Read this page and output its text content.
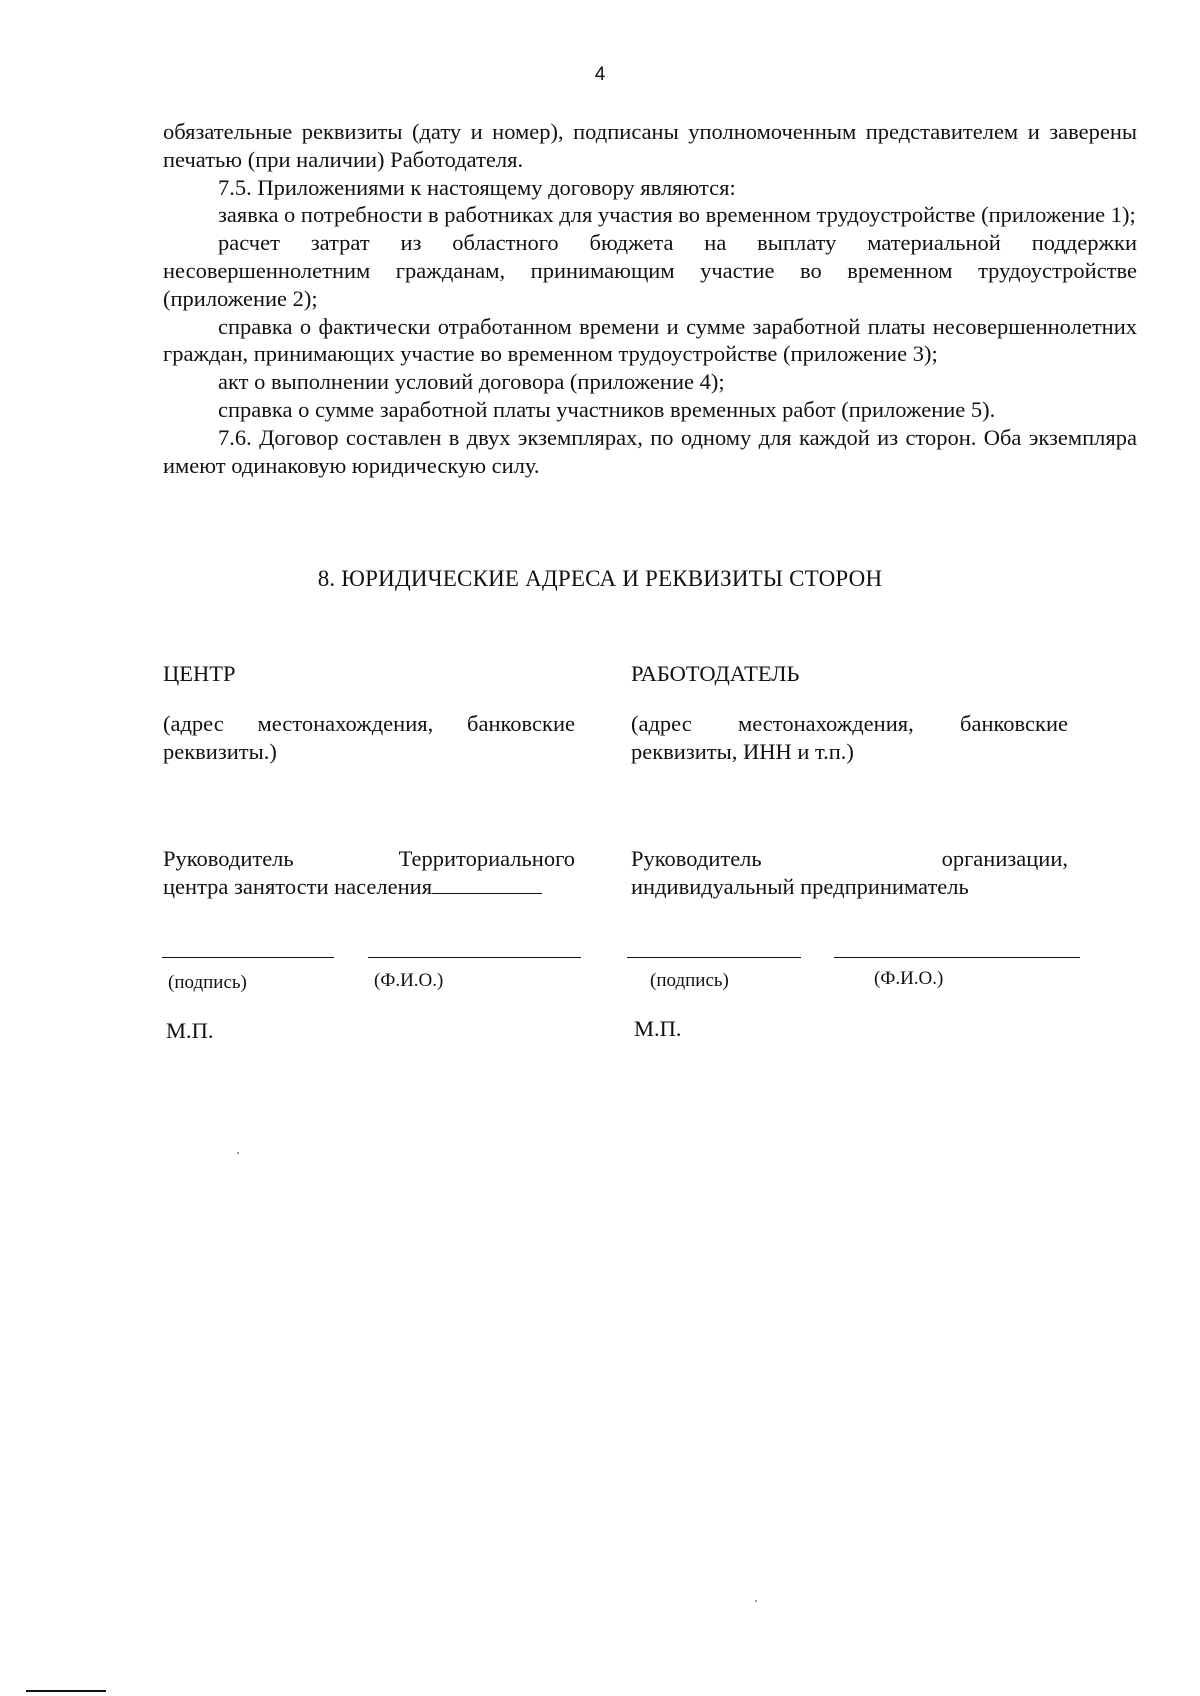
4

обязательные реквизиты (дату и номер), подписаны уполномоченным представителем и заверены печатью (при наличии) Работодателя.

7.5. Приложениями к настоящему договору являются:

заявка о потребности в работниках для участия во временном трудоустройстве (приложение 1);

расчет затрат из областного бюджета на выплату материальной поддержки несовершеннолетним гражданам, принимающим участие во временном трудоустройстве (приложение 2);

справка о фактически отработанном времени и сумме заработной платы несовершеннолетних граждан, принимающих участие во временном трудоустройстве (приложение 3);

акт о выполнении условий договора (приложение 4);

справка о сумме заработной платы участников временных работ (приложение 5).

7.6. Договор составлен в двух экземплярах, по одному для каждой из сторон. Оба экземпляра имеют одинаковую юридическую силу.

8. ЮРИДИЧЕСКИЕ АДРЕСА И РЕКВИЗИТЫ СТОРОН
ЦЕНТР
(адрес местонахождения, банковские
реквизиты.)
Руководитель Территориального
центра занятости населения
РАБОТОДАТЕЛЬ
(адрес местонахождения, банковские
реквизиты, ИНН и т.п.)
Руководитель организации,
индивидуальный предприниматель
(подпись)	(Ф.И.О.)	(подпись)	(Ф.И.О.)
М.П.	М.П.
